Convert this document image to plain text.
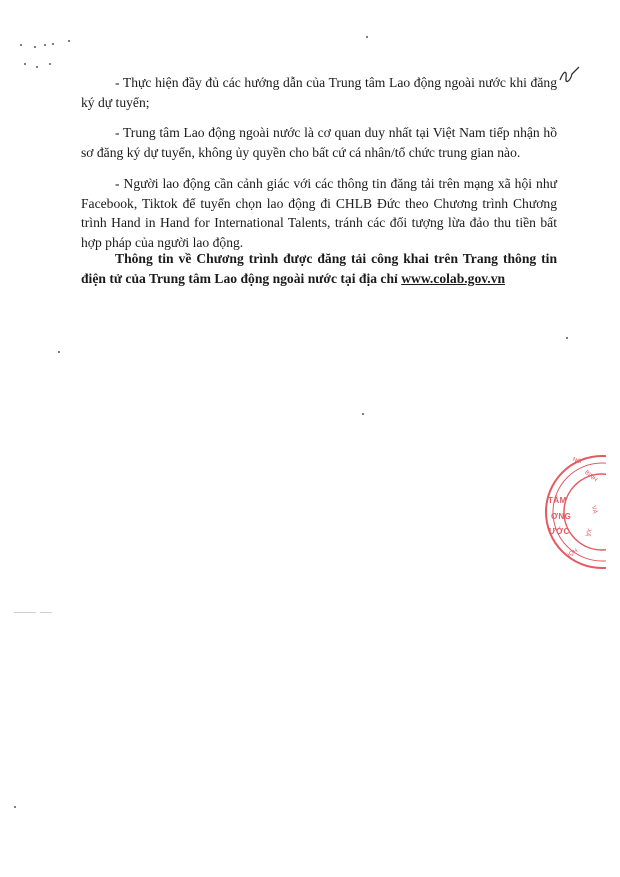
- Thực hiện đầy đủ các hướng dẫn của Trung tâm Lao động ngoài nước khi đăng ký dự tuyển;

- Trung tâm Lao động ngoài nước là cơ quan duy nhất tại Việt Nam tiếp nhận hồ sơ đăng ký dự tuyển, không ủy quyền cho bất cứ cá nhân/tổ chức trung gian nào.

- Người lao động cần cảnh giác với các thông tin đăng tải trên mạng xã hội như Facebook, Tiktok để tuyển chọn lao động đi CHLB Đức theo Chương trình Chương trình Hand in Hand for International Talents, tránh các đối tượng lừa đảo thu tiền bất hợp pháp của người lao động.

Thông tin về Chương trình được đăng tải công khai trên Trang thông tin điện tử của Trung tâm Lao động ngoài nước tại địa chỉ www.colab.gov.vn

NG
BINH
VÀ
XÃ
HỘI
TÂM
ƠNG
ƯỚC
